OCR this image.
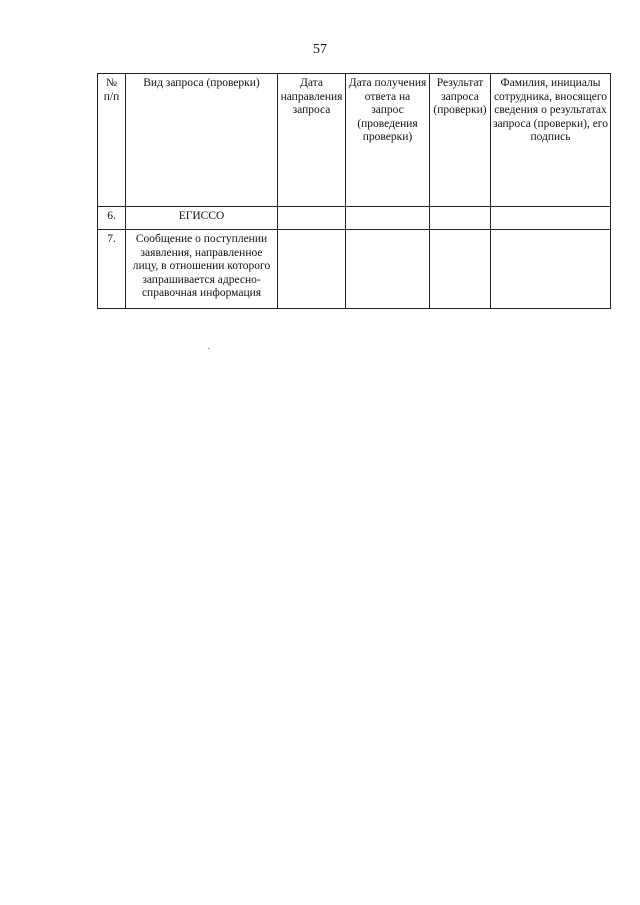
57
№ п/п	Вид запроса (проверки)	Дата направления запроса	Дата получения ответа на запрос (проведения проверки)	Результат запроса (проверки)	Фамилия, инициалы сотрудника, вносящего сведения о результатах запроса (проверки), его подпись
6.	ЕГИССО				
7.	Сообщение о поступлении заявления, направленное лицу, в отношении которого запрашивается адресно-справочная информация				
